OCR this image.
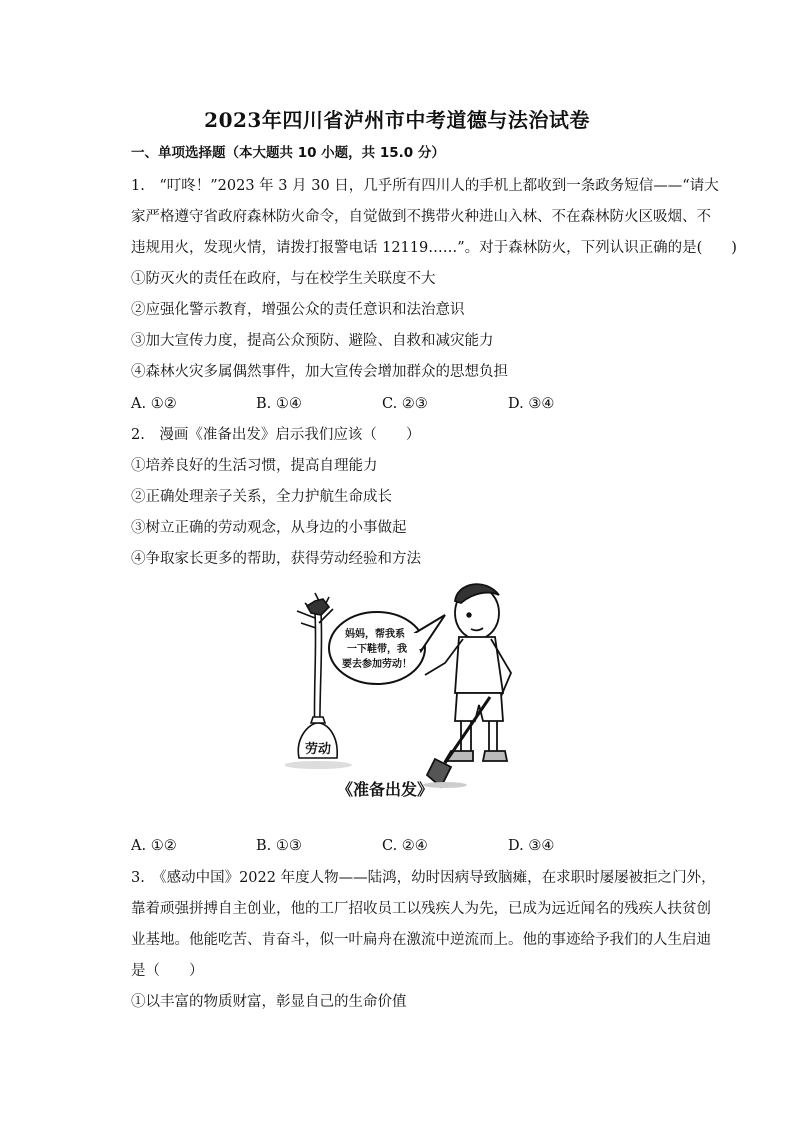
2023年四川省泸州市中考道德与法治试卷
一、单项选择题（本大题共 10 小题，共 15.0 分）
1.　“叮咚！”2023 年 3 月 30 日，几乎所有四川人的手机上都收到一条政务短信——“请大
家严格遵守省政府森林防火命令，自觉做到不携带火种进山入林、不在森林防火区吸烟、不
违规用火，发现火情，请拨打报警电话 12119……”。对于森林防火，下列认识正确的是(　　)
①防灭火的责任在政府，与在校学生关联度不大
②应强化警示教育，增强公众的责任意识和法治意识
③加大宣传力度，提高公众预防、避险、自救和减灾能力
④森林火灾多属偶然事件，加大宣传会增加群众的思想负担
A. ①②	B. ①④	C. ②③	D. ③④
2.　漫画《准备出发》启示我们应该（　　）
①培养良好的生活习惯，提高自理能力
②正确处理亲子关系，全力护航生命成长
③树立正确的劳动观念，从身边的小事做起
④争取家长更多的帮助，获得劳动经验和方法
劳动
妈妈，帮我系
一下鞋带，我
要去参加劳动！
《准备出发》
A. ①②	B. ①③	C. ②④	D. ③④
3.　《感动中国》2022 年度人物——陆鸿，幼时因病导致脑瘫，在求职时屡屡被拒之门外，
靠着顽强拼搏自主创业，他的工厂招收员工以残疾人为先，已成为远近闻名的残疾人扶贫创
业基地。他能吃苦、肯奋斗，似一叶扁舟在激流中逆流而上。他的事迹给予我们的人生启迪
是（　　）
①以丰富的物质财富，彰显自己的生命价值
